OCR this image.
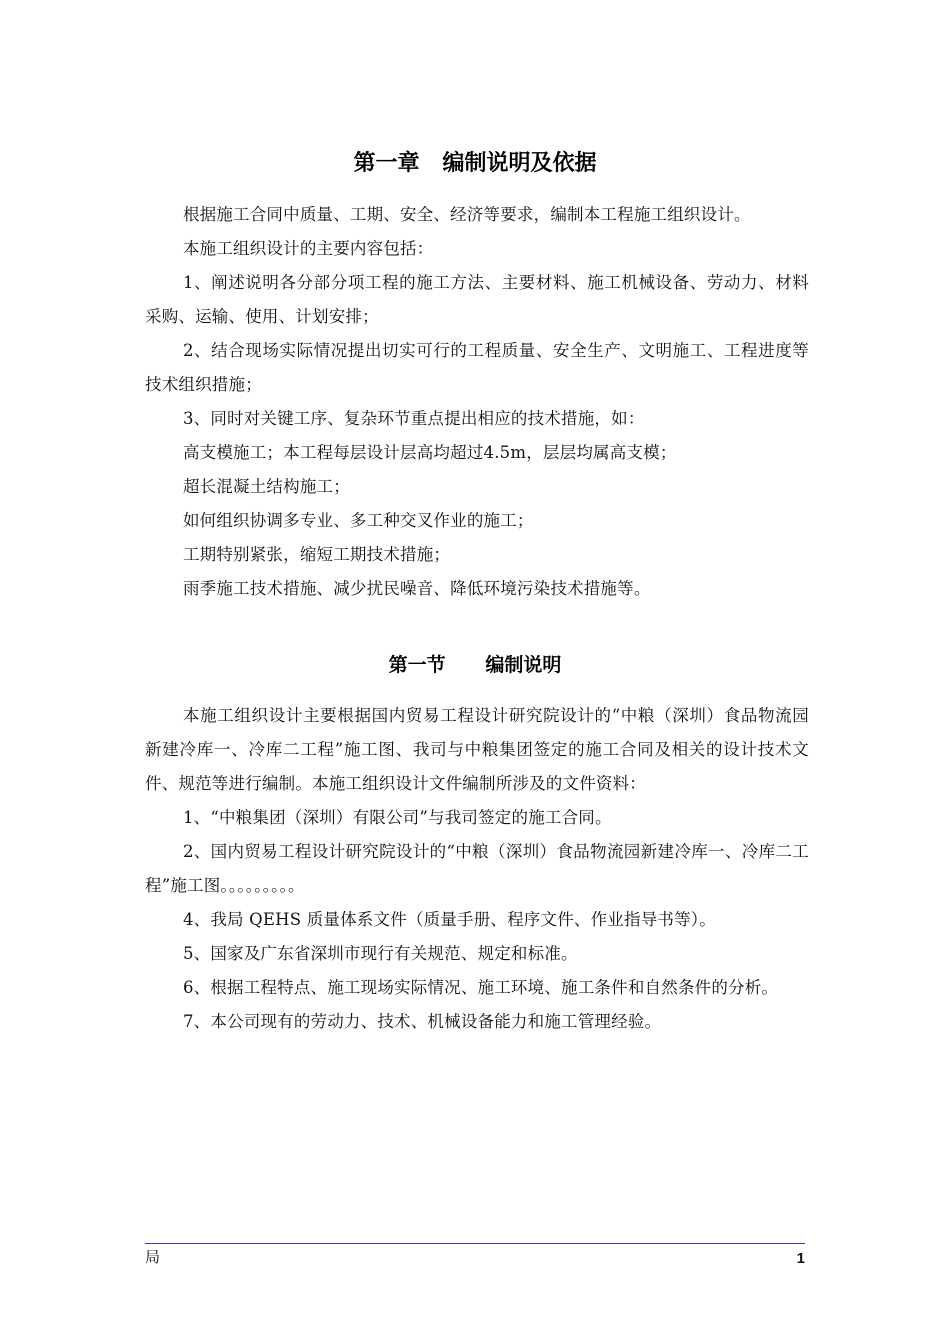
第一章   编制说明及依据

根据施工合同中质量、工期、安全、经济等要求，编制本工程施工组织设计。

本施工组织设计的主要内容包括：

1、阐述说明各分部分项工程的施工方法、主要材料、施工机械设备、劳动力、材料采购、运输、使用、计划安排；

2、结合现场实际情况提出切实可行的工程质量、安全生产、文明施工、工程进度等技术组织措施；

3、同时对关键工序、复杂环节重点提出相应的技术措施，如：

高支模施工；本工程每层设计层高均超过4.5m，层层均属高支模；

超长混凝土结构施工；

如何组织协调多专业、多工种交叉作业的施工；

工期特别紧张，缩短工期技术措施；

雨季施工技术措施、减少扰民噪音、降低环境污染技术措施等。

第一节      编制说明

本施工组织设计主要根据国内贸易工程设计研究院设计的“中粮（深圳）食品物流园新建冷库一、冷库二工程”施工图、我司与中粮集团签定的施工合同及相关的设计技术文件、规范等进行编制。本施工组织设计文件编制所涉及的文件资料：

1、“中粮集团（深圳）有限公司”与我司签定的施工合同。

2、国内贸易工程设计研究院设计的“中粮（深圳）食品物流园新建冷库一、冷库二工程”施工图。。。。。。。。。

4、我局 QEHS 质量体系文件（质量手册、程序文件、作业指导书等）。

5、国家及广东省深圳市现行有关规范、规定和标准。

6、根据工程特点、施工现场实际情况、施工环境、施工条件和自然条件的分析。

7、本公司现有的劳动力、技术、机械设备能力和施工管理经验。

局	1
